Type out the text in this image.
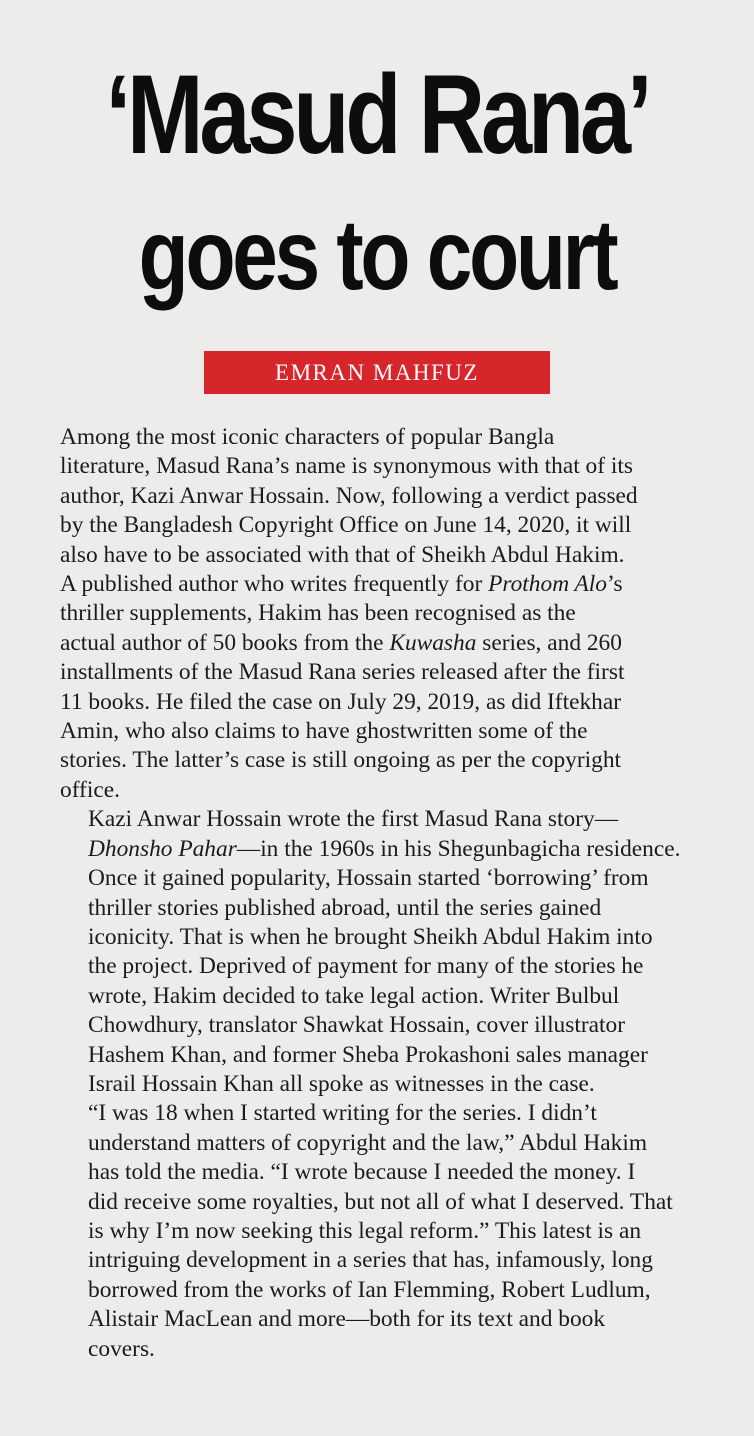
‘Masud Rana’
goes to court
EMRAN MAHFUZ

Among the most iconic characters of popular Bangla
literature, Masud Rana’s name is synonymous with that of its
author, Kazi Anwar Hossain. Now, following a verdict passed
by the Bangladesh Copyright Office on June 14, 2020, it will
also have to be associated with that of Sheikh Abdul Hakim.
A published author who writes frequently for Prothom Alo’s
thriller supplements, Hakim has been recognised as the
actual author of 50 books from the Kuwasha series, and 260
installments of the Masud Rana series released after the first
11 books. He filed the case on July 29, 2019, as did Iftekhar
Amin, who also claims to have ghostwritten some of the
stories. The latter’s case is still ongoing as per the copyright
office.

Kazi Anwar Hossain wrote the first Masud Rana story—
Dhonsho Pahar—in the 1960s in his Shegunbagicha residence.
Once it gained popularity, Hossain started ‘borrowing’ from
thriller stories published abroad, until the series gained
iconicity. That is when he brought Sheikh Abdul Hakim into
the project. Deprived of payment for many of the stories he
wrote, Hakim decided to take legal action. Writer Bulbul
Chowdhury, translator Shawkat Hossain, cover illustrator
Hashem Khan, and former Sheba Prokashoni sales manager
Israil Hossain Khan all spoke as witnesses in the case.

“I was 18 when I started writing for the series. I didn’t
understand matters of copyright and the law,” Abdul Hakim
has told the media. “I wrote because I needed the money. I
did receive some royalties, but not all of what I deserved. That
is why I’m now seeking this legal reform.” This latest is an
intriguing development in a series that has, infamously, long
borrowed from the works of Ian Flemming, Robert Ludlum,
Alistair MacLean and more—both for its text and book
covers.
